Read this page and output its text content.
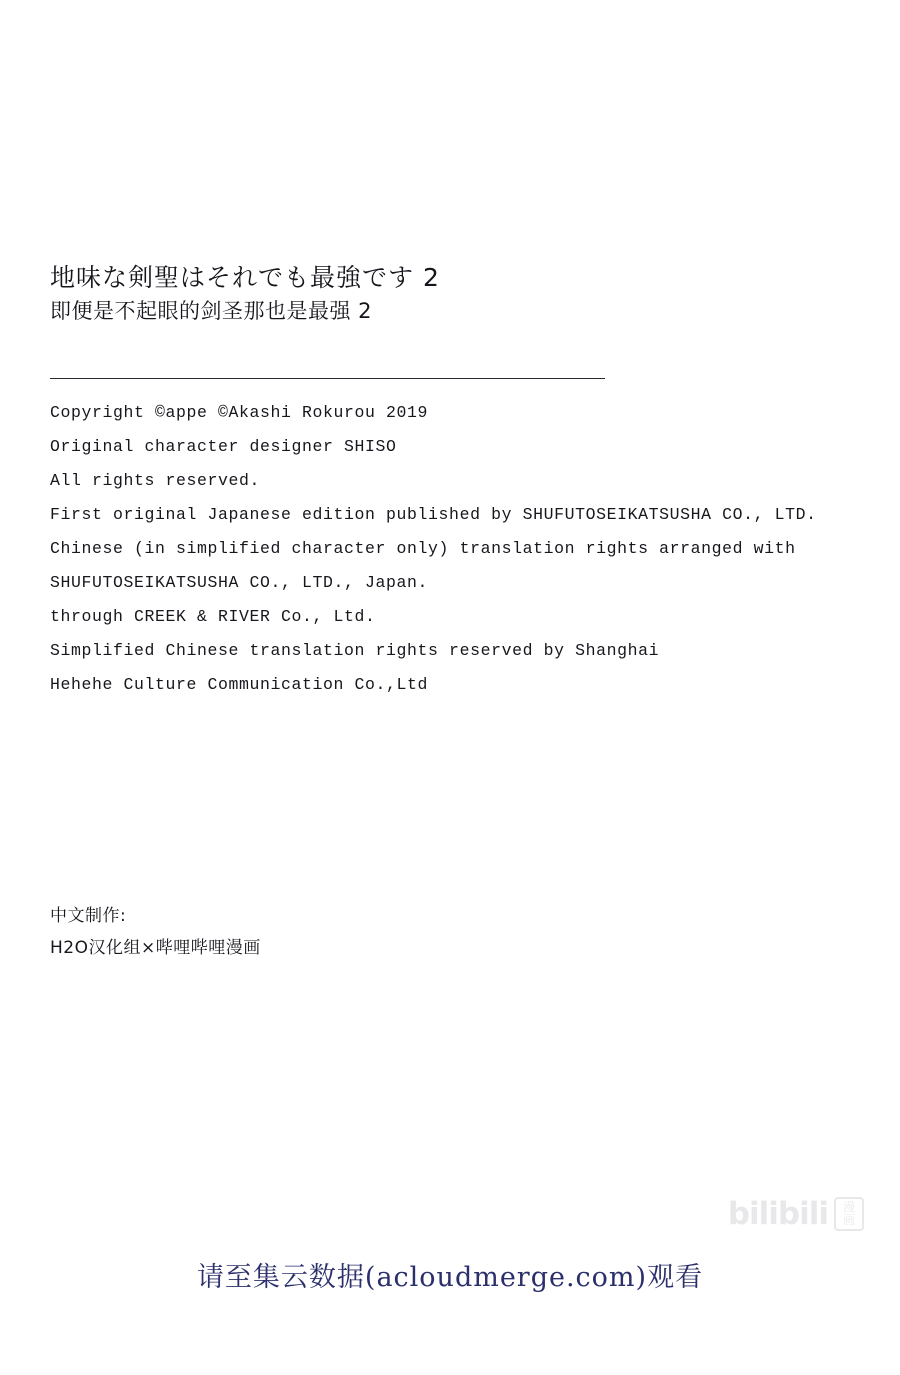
地味な剣聖はそれでも最強です 2
即便是不起眼的剑圣那也是最强 2
Copyright ©appe ©Akashi Rokurou 2019
Original character designer SHISO
All rights reserved.
First original Japanese edition published by SHUFUTOSEIKATSUSHA CO., LTD.
Chinese (in simplified character only) translation rights arranged with
SHUFUTOSEIKATSUSHA CO., LTD., Japan.
through CREEK & RIVER Co., Ltd.
Simplified Chinese translation rights reserved by Shanghai
Hehehe Culture Communication Co.,Ltd
中文制作:
H2O汉化组×哔哩哔哩漫画
bilibili 漫
画
请至集云数据(acloudmerge.com)观看
